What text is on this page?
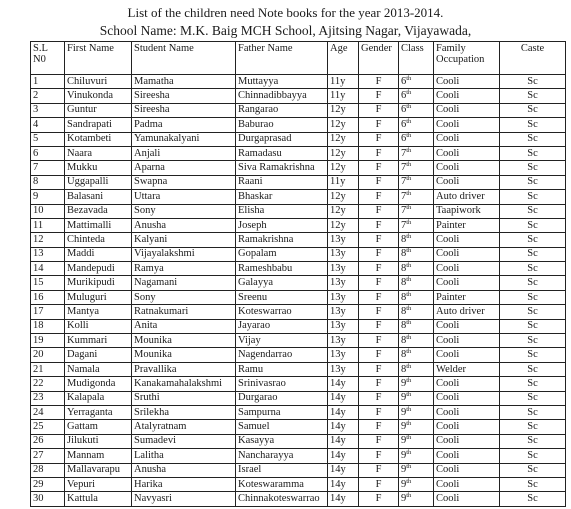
List of the children need Note books for the year 2013-2014.
School Name: M.K. Baig MCH School, Ajitsing Nagar, Vijayawada,
S.L N0	First Name	Student Name	Father Name	Age	Gender	Class	Family Occupation	Caste
1	Chiluvuri	Mamatha	Muttayya	11y	F	6th	Cooli	Sc
2	Vinukonda	Sireesha	Chinnadibbayya	11y	F	6th	Cooli	Sc
3	Guntur	Sireesha	Rangarao	12y	F	6th	Cooli	Sc
4	Sandrapati	Padma	Baburao	12y	F	6th	Cooli	Sc
5	Kotambeti	Yamunakalyani	Durgaprasad	12y	F	6th	Cooli	Sc
6	Naara	Anjali	Ramadasu	12y	F	7th	Cooli	Sc
7	Mukku	Aparna	Siva Ramakrishna	12y	F	7th	Cooli	Sc
8	Uggapalli	Swapna	Raani	11y	F	7th	Cooli	Sc
9	Balasani	Uttara	Bhaskar	12y	F	7th	Auto driver	Sc
10	Bezavada	Sony	Elisha	12y	F	7th	Taapiwork	Sc
11	Mattimalli	Anusha	Joseph	12y	F	7th	Painter	Sc
12	Chinteda	Kalyani	Ramakrishna	13y	F	8th	Cooli	Sc
13	Maddi	Vijayalakshmi	Gopalam	13y	F	8th	Cooli	Sc
14	Mandepudi	Ramya	Rameshbabu	13y	F	8th	Cooli	Sc
15	Murikipudi	Nagamani	Galayya	13y	F	8th	Cooli	Sc
16	Muluguri	Sony	Sreenu	13y	F	8th	Painter	Sc
17	Mantya	Ratnakumari	Koteswarrao	13y	F	8th	Auto driver	Sc
18	Kolli	Anita	Jayarao	13y	F	8th	Cooli	Sc
19	Kummari	Mounika	Vijay	13y	F	8th	Cooli	Sc
20	Dagani	Mounika	Nagendarrao	13y	F	8th	Cooli	Sc
21	Namala	Pravallika	Ramu	13y	F	8th	Welder	Sc
22	Mudigonda	Kanakamahalakshmi	Srinivasrao	14y	F	9th	Cooli	Sc
23	Kalapala	Sruthi	Durgarao	14y	F	9th	Cooli	Sc
24	Yerraganta	Srilekha	Sampurna	14y	F	9th	Cooli	Sc
25	Gattam	Atalyratnam	Samuel	14y	F	9th	Cooli	Sc
26	Jilukuti	Sumadevi	Kasayya	14y	F	9th	Cooli	Sc
27	Mannam	Lalitha	Nancharayya	14y	F	9th	Cooli	Sc
28	Mallavarapu	Anusha	Israel	14y	F	9th	Cooli	Sc
29	Vepuri	Harika	Koteswaramma	14y	F	9th	Cooli	Sc
30	Kattula	Navyasri	Chinnakoteswarrao	14y	F	9th	Cooli	Sc
